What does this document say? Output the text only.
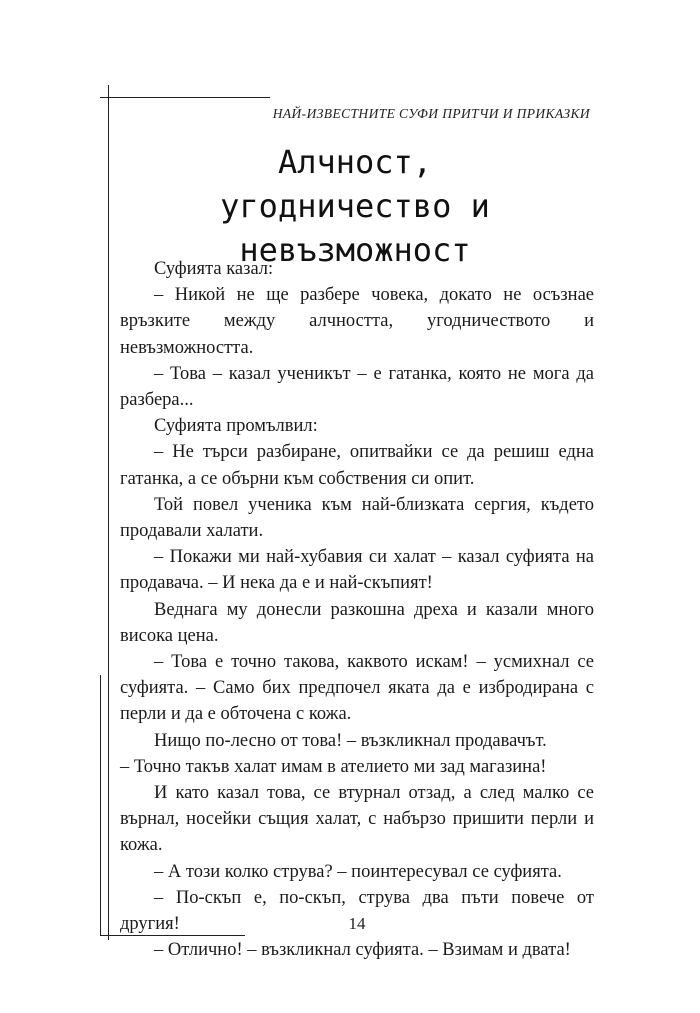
НАЙ-ИЗВЕСТНИТЕ СУФИ ПРИТЧИ И ПРИКАЗКИ
Алчност,
угодничество и невъзможност

Суфията казал:

– Никой не ще разбере човека, докато не осъзнае връзките между алчността, угодничеството и невъзможността.

– Това – казал ученикът – е гатанка, която не мога да разбера...

Суфията промълвил:

– Не търси разбиране, опитвайки се да решиш една гатанка, а се обърни към собствения си опит.

Той повел ученика към най-близката сергия, където продавали халати.

– Покажи ми най-хубавия си халат – казал суфията на продавача. – И нека да е и най-скъпият!

Веднага му донесли разкошна дреха и казали много висока цена.

– Това е точно такова, каквото искам! – усмихнал се суфията. – Само бих предпочел яката да е избродирана с перли и да е обточена с кожа.

Нищо по-лесно от това! – възкликнал продавачът.

– Точно такъв халат имам в ателието ми зад магазина!

И като казал това, се втурнал отзад, а след малко се върнал, носейки същия халат, с набързо пришити перли и кожа.

– А този колко струва? – поинтересувал се суфията.

– По-скъп е, по-скъп, струва два пъти повече от другия!

– Отлично! – възкликнал суфията. – Взимам и двата!

14
